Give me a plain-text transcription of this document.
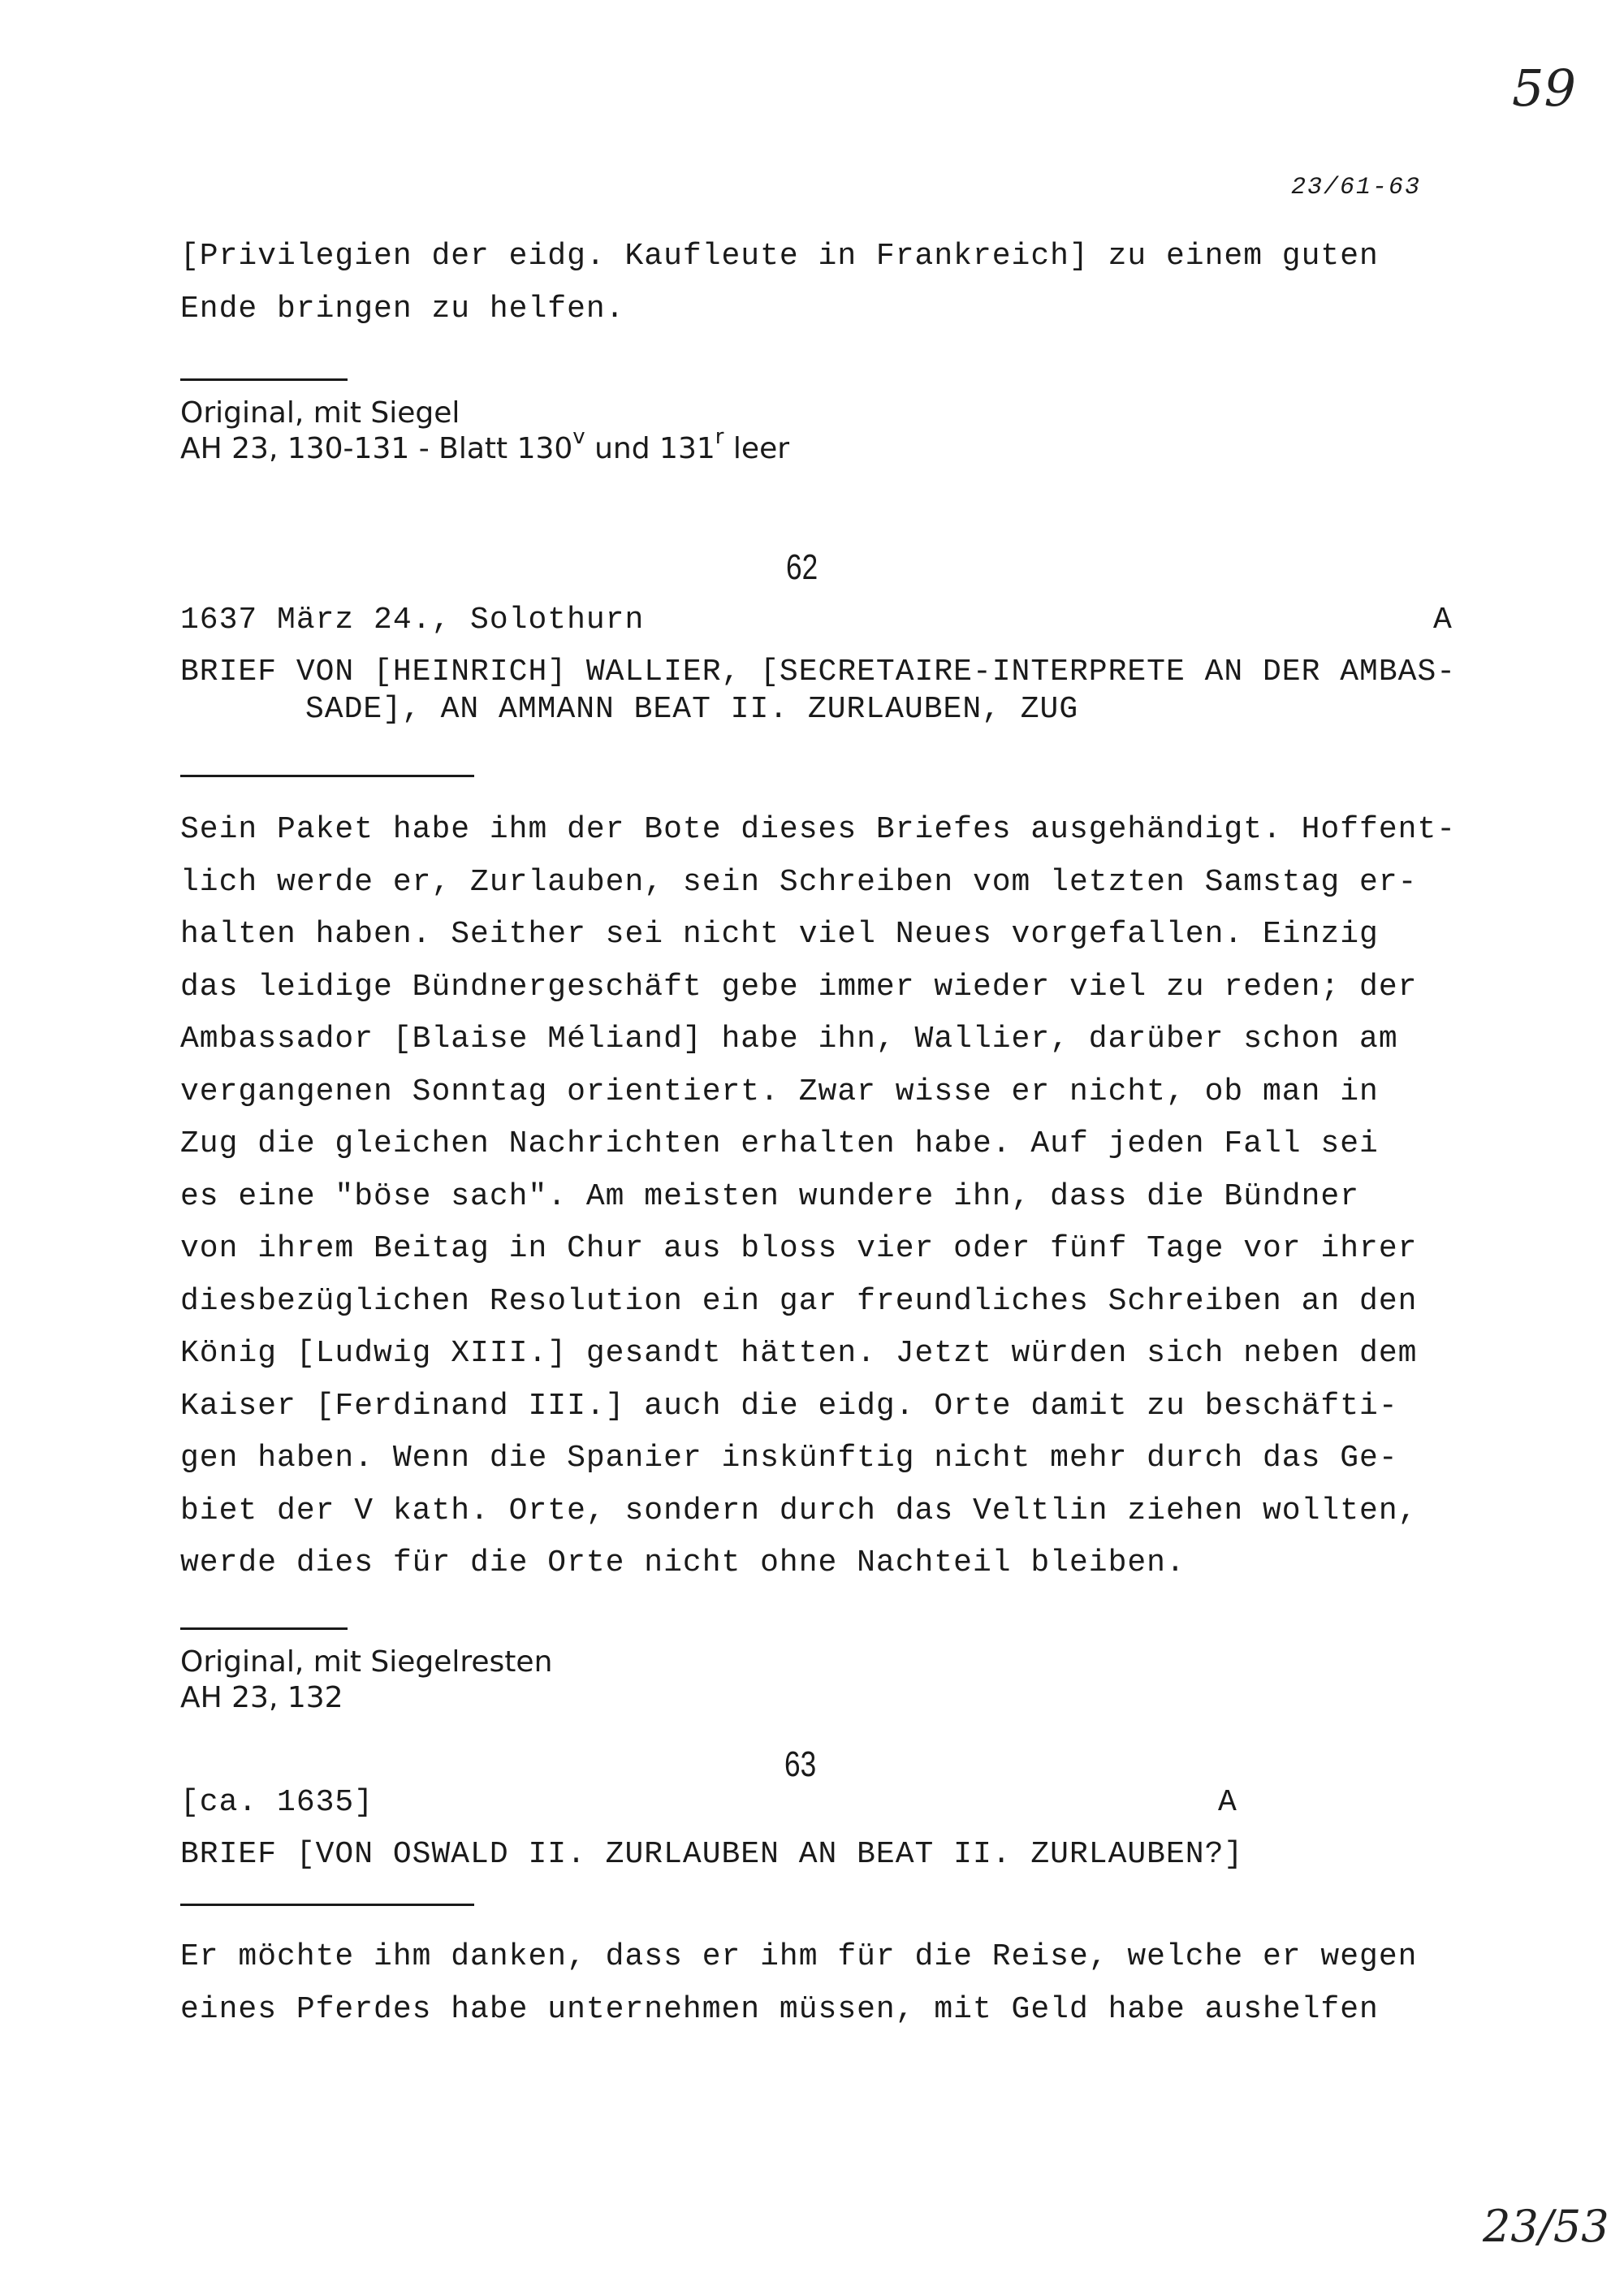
59
23/61-63
[Privilegien der eidg. Kaufleute in Frankreich] zu einem guten
Ende bringen zu helfen.
Original, mit Siegel
AH 23, 130-131 - Blatt 130$^v$ und 131$^r$ leer
62
1637 März 24., Solothurn	A
BRIEF VON [HEINRICH] WALLIER, [SECRETAIRE-INTERPRETE AN DER AMBAS-
SADE], AN AMMANN BEAT II. ZURLAUBEN, ZUG
Sein Paket habe ihm der Bote dieses Briefes ausgehändigt. Hoffent-
lich werde er, Zurlauben, sein Schreiben vom letzten Samstag er-
halten haben. Seither sei nicht viel Neues vorgefallen. Einzig
das leidige Bündnergeschäft gebe immer wieder viel zu reden; der
Ambassador [Blaise Méliand] habe ihn, Wallier, darüber schon am
vergangenen Sonntag orientiert. Zwar wisse er nicht, ob man in
Zug die gleichen Nachrichten erhalten habe. Auf jeden Fall sei
es eine "böse sach". Am meisten wundere ihn, dass die Bündner
von ihrem Beitag in Chur aus bloss vier oder fünf Tage vor ihrer
diesbezüglichen Resolution ein gar freundliches Schreiben an den
König [Ludwig XIII.] gesandt hätten. Jetzt würden sich neben dem
Kaiser [Ferdinand III.] auch die eidg. Orte damit zu beschäfti-
gen haben. Wenn die Spanier inskünftig nicht mehr durch das Ge-
biet der V kath. Orte, sondern durch das Veltlin ziehen wollten,
werde dies für die Orte nicht ohne Nachteil bleiben.
Original, mit Siegelresten
AH 23, 132
63
[ca. 1635]	A
BRIEF [VON OSWALD II. ZURLAUBEN AN BEAT II. ZURLAUBEN?]
Er möchte ihm danken, dass er ihm für die Reise, welche er wegen
eines Pferdes habe unternehmen müssen, mit Geld habe aushelfen
23/53
